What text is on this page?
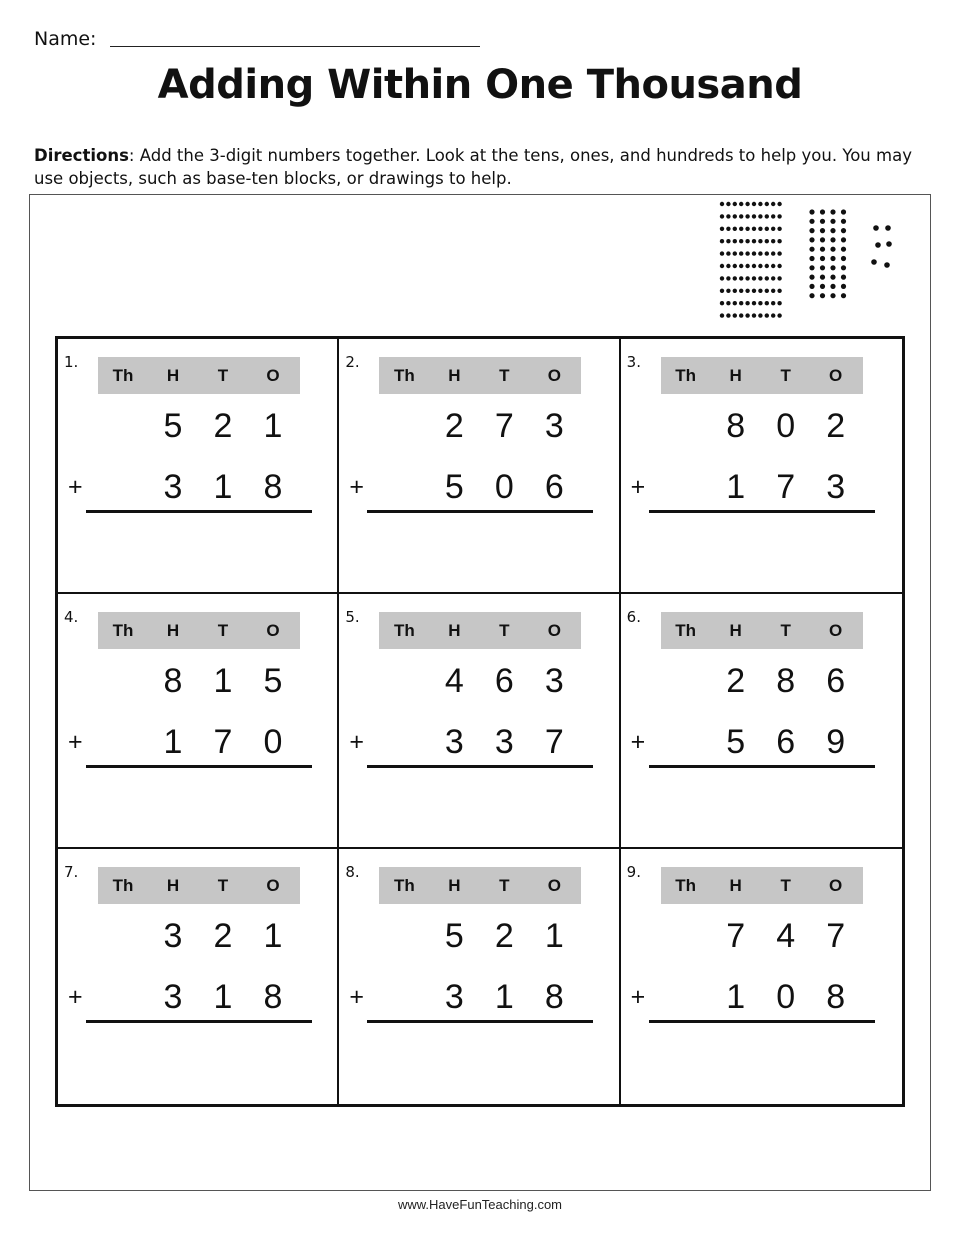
Name:
Adding Within One Thousand
Directions: Add the 3-digit numbers together. Look at the tens, ones, and hundreds to help you. You may use objects, such as base-ten blocks, or drawings to help.
1.
Th	H	T	O
5 2 1
+	3 1 8
2.
Th	H	T	O
2 7 3
+	5 0 6
3.
Th	H	T	O
8 0 2
+	1 7 3
4.
Th	H	T	O
8 1 5
+	1 7 0
5.
Th	H	T	O
4 6 3
+	3 3 7
6.
Th	H	T	O
2 8 6
+	5 6 9
7.
Th	H	T	O
3 2 1
+	3 1 8
8.
Th	H	T	O
5 2 1
+	3 1 8
9.
Th	H	T	O
7 4 7
+	1 0 8
www.HaveFunTeaching.com
